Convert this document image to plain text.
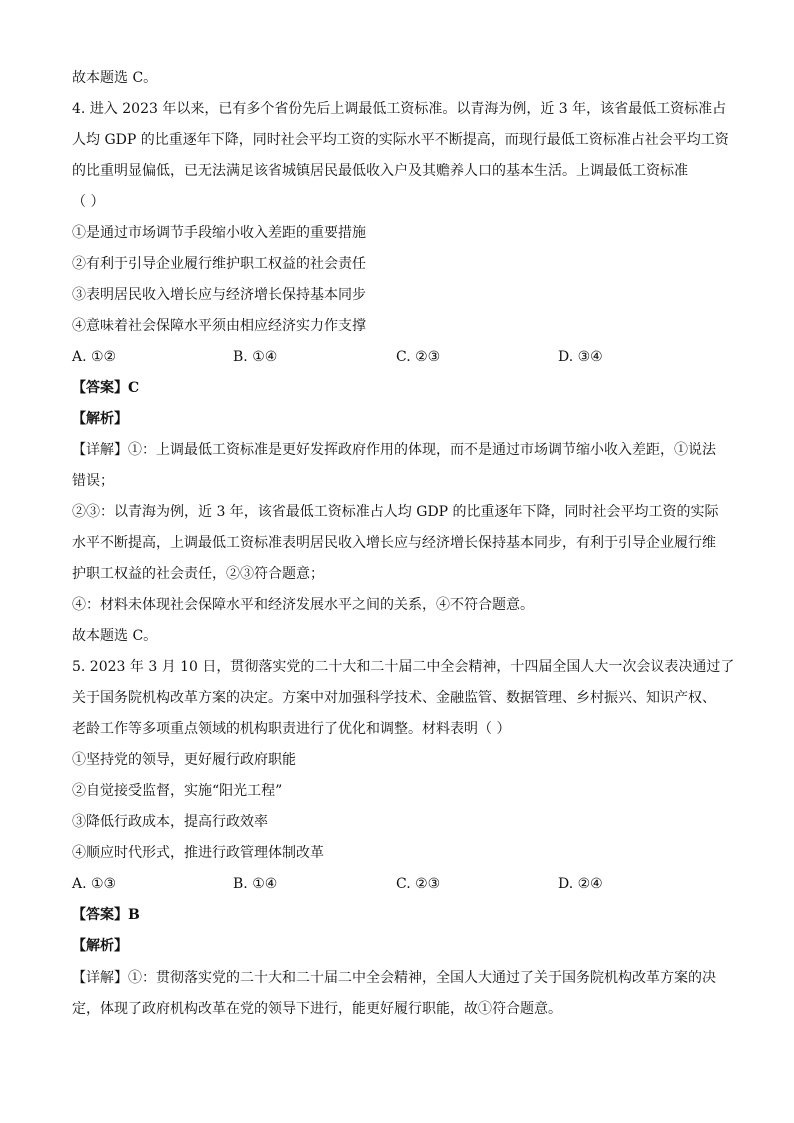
故本题选 C。
4. 进入 2023 年以来，已有多个省份先后上调最低工资标准。以青海为例，近 3 年，该省最低工资标准占
人均 GDP 的比重逐年下降，同时社会平均工资的实际水平不断提高，而现行最低工资标准占社会平均工资
的比重明显偏低，已无法满足该省城镇居民最低收入户及其赡养人口的基本生活。上调最低工资标准
（ ）
①是通过市场调节手段缩小收入差距的重要措施
②有利于引导企业履行维护职工权益的社会责任
③表明居民收入增长应与经济增长保持基本同步
④意味着社会保障水平须由相应经济实力作支撑
A. ①②	B. ①④	C. ②③	D. ③④
【答案】C
【解析】
【详解】①：上调最低工资标准是更好发挥政府作用的体现，而不是通过市场调节缩小收入差距，①说法
错误；
②③：以青海为例，近 3 年，该省最低工资标准占人均 GDP 的比重逐年下降，同时社会平均工资的实际
水平不断提高，上调最低工资标准表明居民收入增长应与经济增长保持基本同步，有利于引导企业履行维
护职工权益的社会责任，②③符合题意；
④：材料未体现社会保障水平和经济发展水平之间的关系，④不符合题意。
故本题选 C。
5. 2023 年 3 月 10 日，贯彻落实党的二十大和二十届二中全会精神，十四届全国人大一次会议表决通过了
关于国务院机构改革方案的决定。方案中对加强科学技术、金融监管、数据管理、乡村振兴、知识产权、
老龄工作等多项重点领域的机构职责进行了优化和调整。材料表明（ ）
①坚持党的领导，更好履行政府职能
②自觉接受监督，实施“阳光工程”
③降低行政成本，提高行政效率
④顺应时代形式，推进行政管理体制改革
A. ①③	B. ①④	C. ②③	D. ②④
【答案】B
【解析】
【详解】①：贯彻落实党的二十大和二十届二中全会精神，全国人大通过了关于国务院机构改革方案的决
定，体现了政府机构改革在党的领导下进行，能更好履行职能，故①符合题意。
